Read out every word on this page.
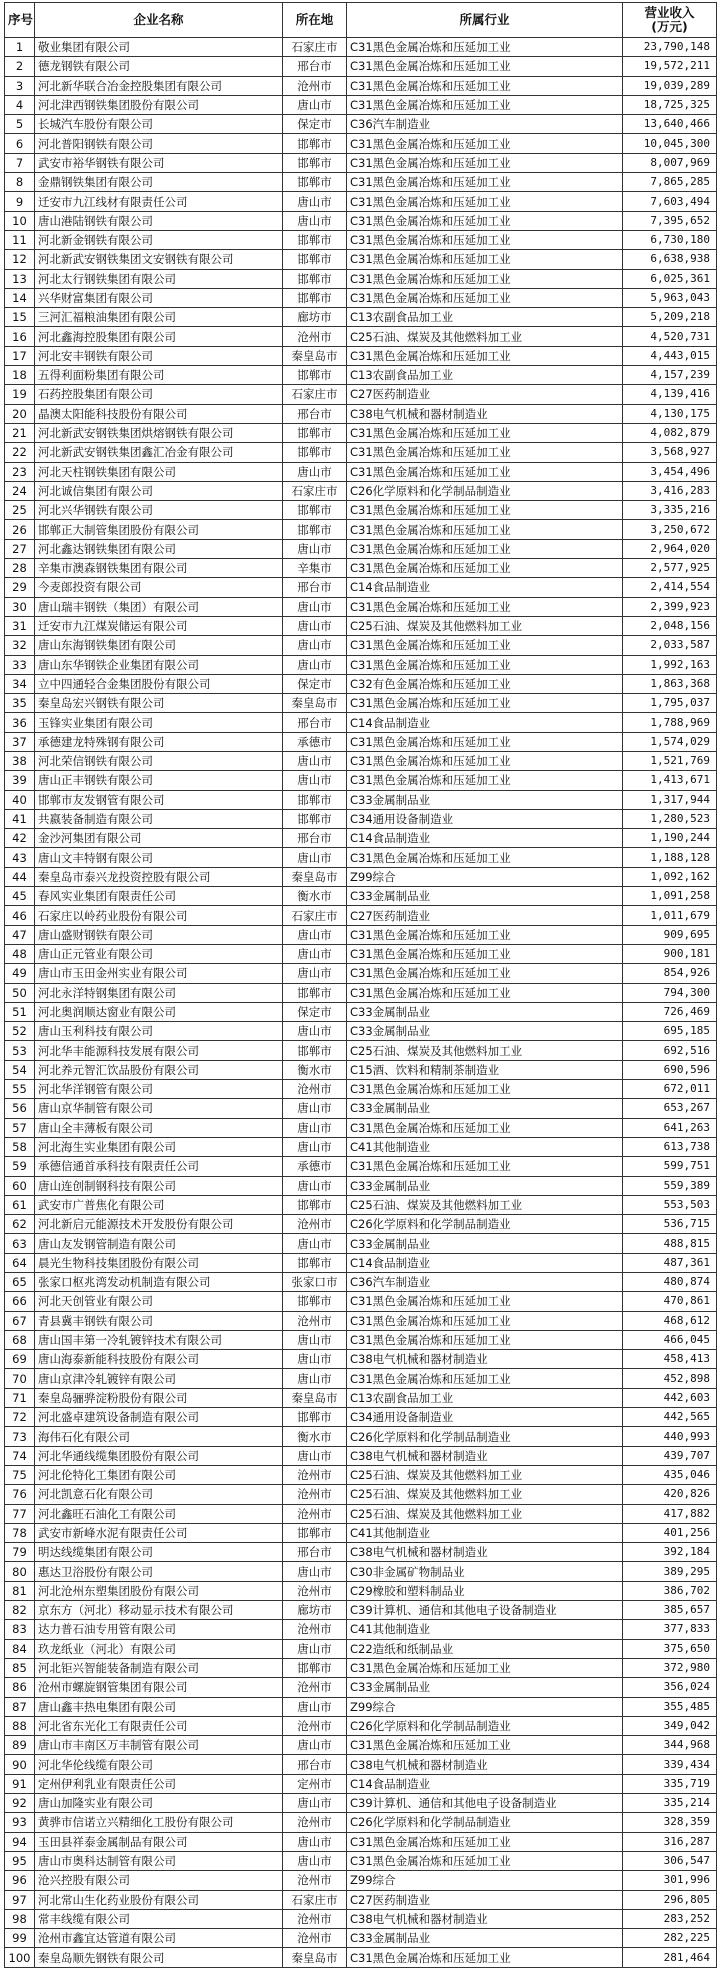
序号	企业名称	所在地	所属行业	营业收入
(万元)
1	敬业集团有限公司	石家庄市	C31黑色金属冶炼和压延加工业	23,790,148
2	德龙钢铁有限公司	邢台市	C31黑色金属冶炼和压延加工业	19,572,211
3	河北新华联合冶金控股集团有限公司	沧州市	C31黑色金属冶炼和压延加工业	19,039,289
4	河北津西钢铁集团股份有限公司	唐山市	C31黑色金属冶炼和压延加工业	18,725,325
5	长城汽车股份有限公司	保定市	C36汽车制造业	13,640,466
6	河北普阳钢铁有限公司	邯郸市	C31黑色金属冶炼和压延加工业	10,045,300
7	武安市裕华钢铁有限公司	邯郸市	C31黑色金属冶炼和压延加工业	8,007,969
8	金鼎钢铁集团有限公司	邯郸市	C31黑色金属冶炼和压延加工业	7,865,285
9	迁安市九江线材有限责任公司	唐山市	C31黑色金属冶炼和压延加工业	7,603,494
10	唐山港陆钢铁有限公司	唐山市	C31黑色金属冶炼和压延加工业	7,395,652
11	河北新金钢铁有限公司	邯郸市	C31黑色金属冶炼和压延加工业	6,730,180
12	河北新武安钢铁集团文安钢铁有限公司	邯郸市	C31黑色金属冶炼和压延加工业	6,638,938
13	河北太行钢铁集团有限公司	邯郸市	C31黑色金属冶炼和压延加工业	6,025,361
14	兴华财富集团有限公司	邯郸市	C31黑色金属冶炼和压延加工业	5,963,043
15	三河汇福粮油集团有限公司	廊坊市	C13农副食品加工业	5,209,218
16	河北鑫海控股集团有限公司	沧州市	C25石油、煤炭及其他燃料加工业	4,520,731
17	河北安丰钢铁有限公司	秦皇岛市	C31黑色金属冶炼和压延加工业	4,443,015
18	五得利面粉集团有限公司	邯郸市	C13农副食品加工业	4,157,239
19	石药控股集团有限公司	石家庄市	C27医药制造业	4,139,416
20	晶澳太阳能科技股份有限公司	邢台市	C38电气机械和器材制造业	4,130,175
21	河北新武安钢铁集团烘熔钢铁有限公司	邯郸市	C31黑色金属冶炼和压延加工业	4,082,879
22	河北新武安钢铁集团鑫汇冶金有限公司	邯郸市	C31黑色金属冶炼和压延加工业	3,568,927
23	河北天柱钢铁集团有限公司	唐山市	C31黑色金属冶炼和压延加工业	3,454,496
24	河北诚信集团有限公司	石家庄市	C26化学原料和化学制品制造业	3,416,283
25	河北兴华钢铁有限公司	邯郸市	C31黑色金属冶炼和压延加工业	3,335,216
26	邯郸正大制管集团股份有限公司	邯郸市	C31黑色金属冶炼和压延加工业	3,250,672
27	河北鑫达钢铁集团有限公司	唐山市	C31黑色金属冶炼和压延加工业	2,964,020
28	辛集市澳森钢铁集团有限公司	辛集市	C31黑色金属冶炼和压延加工业	2,577,925
29	今麦郎投资有限公司	邢台市	C14食品制造业	2,414,554
30	唐山瑞丰钢铁（集团）有限公司	唐山市	C31黑色金属冶炼和压延加工业	2,399,923
31	迁安市九江煤炭储运有限公司	唐山市	C25石油、煤炭及其他燃料加工业	2,048,156
32	唐山东海钢铁集团有限公司	唐山市	C31黑色金属冶炼和压延加工业	2,033,587
33	唐山东华钢铁企业集团有限公司	唐山市	C31黑色金属冶炼和压延加工业	1,992,163
34	立中四通轻合金集团股份有限公司	保定市	C32有色金属冶炼和压延加工业	1,863,368
35	秦皇岛宏兴钢铁有限公司	秦皇岛市	C31黑色金属冶炼和压延加工业	1,795,037
36	玉锋实业集团有限公司	邢台市	C14食品制造业	1,788,969
37	承德建龙特殊钢有限公司	承德市	C31黑色金属冶炼和压延加工业	1,574,029
38	河北荣信钢铁有限公司	唐山市	C31黑色金属冶炼和压延加工业	1,521,769
39	唐山正丰钢铁有限公司	唐山市	C31黑色金属冶炼和压延加工业	1,413,671
40	邯郸市友发钢管有限公司	邯郸市	C33金属制品业	1,317,944
41	共嬴装备制造有限公司	邯郸市	C34通用设备制造业	1,280,523
42	金沙河集团有限公司	邢台市	C14食品制造业	1,190,244
43	唐山文丰特钢有限公司	唐山市	C31黑色金属冶炼和压延加工业	1,188,128
44	秦皇岛市泰兴龙投资控股有限公司	秦皇岛市	Z99综合	1,092,162
45	春风实业集团有限责任公司	衡水市	C33金属制品业	1,091,258
46	石家庄以岭药业股份有限公司	石家庄市	C27医药制造业	1,011,679
47	唐山盛财钢铁有限公司	唐山市	C31黑色金属冶炼和压延加工业	909,695
48	唐山正元管业有限公司	唐山市	C31黑色金属冶炼和压延加工业	900,181
49	唐山市玉田金州实业有限公司	唐山市	C31黑色金属冶炼和压延加工业	854,926
50	河北永洋特钢集团有限公司	邯郸市	C31黑色金属冶炼和压延加工业	794,300
51	河北奥润顺达窗业有限公司	保定市	C33金属制品业	726,469
52	唐山玉利科技有限公司	唐山市	C33金属制品业	695,185
53	河北华丰能源科技发展有限公司	邯郸市	C25石油、煤炭及其他燃料加工业	692,516
54	河北养元智汇饮品股份有限公司	衡水市	C15酒、饮料和精制茶制造业	690,596
55	河北华洋钢管有限公司	沧州市	C31黑色金属冶炼和压延加工业	672,011
56	唐山京华制管有限公司	唐山市	C33金属制品业	653,267
57	唐山全丰薄板有限公司	唐山市	C31黑色金属冶炼和压延加工业	641,263
58	河北海生实业集团有限公司	唐山市	C41其他制造业	613,738
59	承德信通首承科技有限责任公司	承德市	C31黑色金属冶炼和压延加工业	599,751
60	唐山连创制钢科技有限公司	唐山市	C33金属制品业	559,389
61	武安市广普焦化有限公司	邯郸市	C25石油、煤炭及其他燃料加工业	553,503
62	河北新启元能源技术开发股份有限公司	沧州市	C26化学原料和化学制品制造业	536,715
63	唐山友发钢管制造有限公司	唐山市	C33金属制品业	488,815
64	晨光生物科技集团股份有限公司	邯郸市	C14食品制造业	487,361
65	张家口枢兆湾发动机制造有限公司	张家口市	C36汽车制造业	480,874
66	河北天创管业有限公司	邯郸市	C31黑色金属冶炼和压延加工业	470,861
67	青县冀丰钢铁有限公司	沧州市	C31黑色金属冶炼和压延加工业	468,612
68	唐山国丰第一冷轧镀锌技术有限公司	唐山市	C31黑色金属冶炼和压延加工业	466,045
69	唐山海泰新能科技股份有限公司	唐山市	C38电气机械和器材制造业	458,413
70	唐山京津冷轧镀锌有限公司	唐山市	C31黑色金属冶炼和压延加工业	452,898
71	秦皇岛骊骅淀粉股份有限公司	秦皇岛市	C13农副食品加工业	442,603
72	河北盛卓建筑设备制造有限公司	邯郸市	C34通用设备制造业	442,565
73	海伟石化有限公司	衡水市	C26化学原料和化学制品制造业	440,993
74	河北华通线缆集团股份有限公司	唐山市	C38电气机械和器材制造业	439,707
75	河北伦特化工集团有限公司	沧州市	C25石油、煤炭及其他燃料加工业	435,046
76	河北凯意石化有限公司	沧州市	C25石油、煤炭及其他燃料加工业	420,826
77	河北鑫旺石油化工有限公司	沧州市	C25石油、煤炭及其他燃料加工业	417,882
78	武安市新峰水泥有限责任公司	邯郸市	C41其他制造业	401,256
79	明达线缆集团有限公司	邢台市	C38电气机械和器材制造业	392,184
80	惠达卫浴股份有限公司	唐山市	C30非金属矿物制品业	389,295
81	河北沧州东塑集团股份有限公司	沧州市	C29橡胶和塑料制品业	386,702
82	京东方（河北）移动显示技术有限公司	廊坊市	C39计算机、通信和其他电子设备制造业	385,657
83	达力普石油专用管有限公司	沧州市	C41其他制造业	377,833
84	玖龙纸业（河北）有限公司	唐山市	C22造纸和纸制品业	375,650
85	河北钜兴智能装备制造有限公司	邯郸市	C31黑色金属冶炼和压延加工业	372,980
86	沧州市螺旋钢管集团有限公司	沧州市	C33金属制品业	356,024
87	唐山鑫丰热电集团有限公司	唐山市	Z99综合	355,485
88	河北省东光化工有限责任公司	沧州市	C26化学原料和化学制品制造业	349,042
89	唐山市丰南区万丰制管有限公司	唐山市	C31黑色金属冶炼和压延加工业	344,968
90	河北华伦线缆有限公司	邢台市	C38电气机械和器材制造业	339,434
91	定州伊利乳业有限责任公司	定州市	C14食品制造业	335,719
92	唐山加隆实业有限公司	唐山市	C39计算机、通信和其他电子设备制造业	335,214
93	黄骅市信诺立兴精细化工股份有限公司	沧州市	C26化学原料和化学制品制造业	328,359
94	玉田县祥泰金属制品有限公司	唐山市	C31黑色金属冶炼和压延加工业	316,287
95	唐山市奥科达制管有限公司	唐山市	C31黑色金属冶炼和压延加工业	306,547
96	沧兴控股有限公司	沧州市	Z99综合	301,996
97	河北常山生化药业股份有限公司	石家庄市	C27医药制造业	296,805
98	常丰线缆有限公司	沧州市	C38电气机械和器材制造业	283,252
99	沧州市鑫宜达管道有限公司	沧州市	C33金属制品业	282,225
100	秦皇岛顺先钢铁有限公司	秦皇岛市	C31黑色金属冶炼和压延加工业	281,464
